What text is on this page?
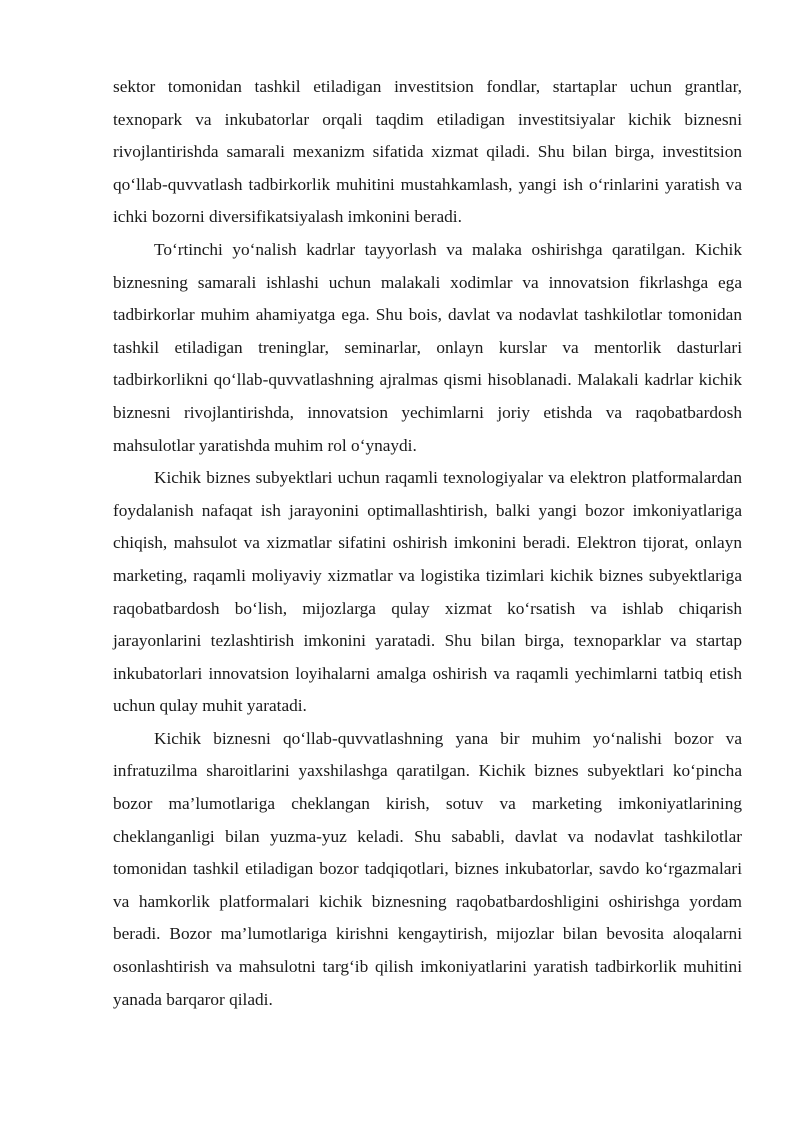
sektor tomonidan tashkil etiladigan investitsion fondlar, startaplar uchun grantlar, texnopark va inkubatorlar orqali taqdim etiladigan investitsiyalar kichik biznesni rivojlantirishda samarali mexanizm sifatida xizmat qiladi. Shu bilan birga, investitsion qo‘llab-quvvatlash tadbirkorlik muhitini mustahkamlash, yangi ish o‘rinlarini yaratish va ichki bozorni diversifikatsiyalash imkonini beradi.

To‘rtinchi yo‘nalish kadrlar tayyorlash va malaka oshirishga qaratilgan. Kichik biznesning samarali ishlashi uchun malakali xodimlar va innovatsion fikrlashga ega tadbirkorlar muhim ahamiyatga ega. Shu bois, davlat va nodavlat tashkilotlar tomonidan tashkil etiladigan treninglar, seminarlar, onlayn kurslar va mentorlik dasturlari tadbirkorlikni qo‘llab-quvvatlashning ajralmas qismi hisoblanadi. Malakali kadrlar kichik biznesni rivojlantirishda, innovatsion yechimlarni joriy etishda va raqobatbardosh mahsulotlar yaratishda muhim rol o‘ynaydi.

Kichik biznes subyektlari uchun raqamli texnologiyalar va elektron platformalardan foydalanish nafaqat ish jarayonini optimallashtirish, balki yangi bozor imkoniyatlariga chiqish, mahsulot va xizmatlar sifatini oshirish imkonini beradi. Elektron tijorat, onlayn marketing, raqamli moliyaviy xizmatlar va logistika tizimlari kichik biznes subyektlariga raqobatbardosh bo‘lish, mijozlarga qulay xizmat ko‘rsatish va ishlab chiqarish jarayonlarini tezlashtirish imkonini yaratadi. Shu bilan birga, texnoparklar va startap inkubatorlari innovatsion loyihalarni amalga oshirish va raqamli yechimlarni tatbiq etish uchun qulay muhit yaratadi.

Kichik biznesni qo‘llab-quvvatlashning yana bir muhim yo‘nalishi bozor va infratuzilma sharoitlarini yaxshilashga qaratilgan. Kichik biznes subyektlari ko‘pincha bozor ma’lumotlariga cheklangan kirish, sotuv va marketing imkoniyatlarining cheklanganligi bilan yuzma-yuz keladi. Shu sababli, davlat va nodavlat tashkilotlar tomonidan tashkil etiladigan bozor tadqiqotlari, biznes inkubatorlar, savdo ko‘rgazmalari va hamkorlik platformalari kichik biznesning raqobatbardoshligini oshirishga yordam beradi. Bozor ma’lumotlariga kirishni kengaytirish, mijozlar bilan bevosita aloqalarni osonlashtirish va mahsulotni targ‘ib qilish imkoniyatlarini yaratish tadbirkorlik muhitini yanada barqaror qiladi.
